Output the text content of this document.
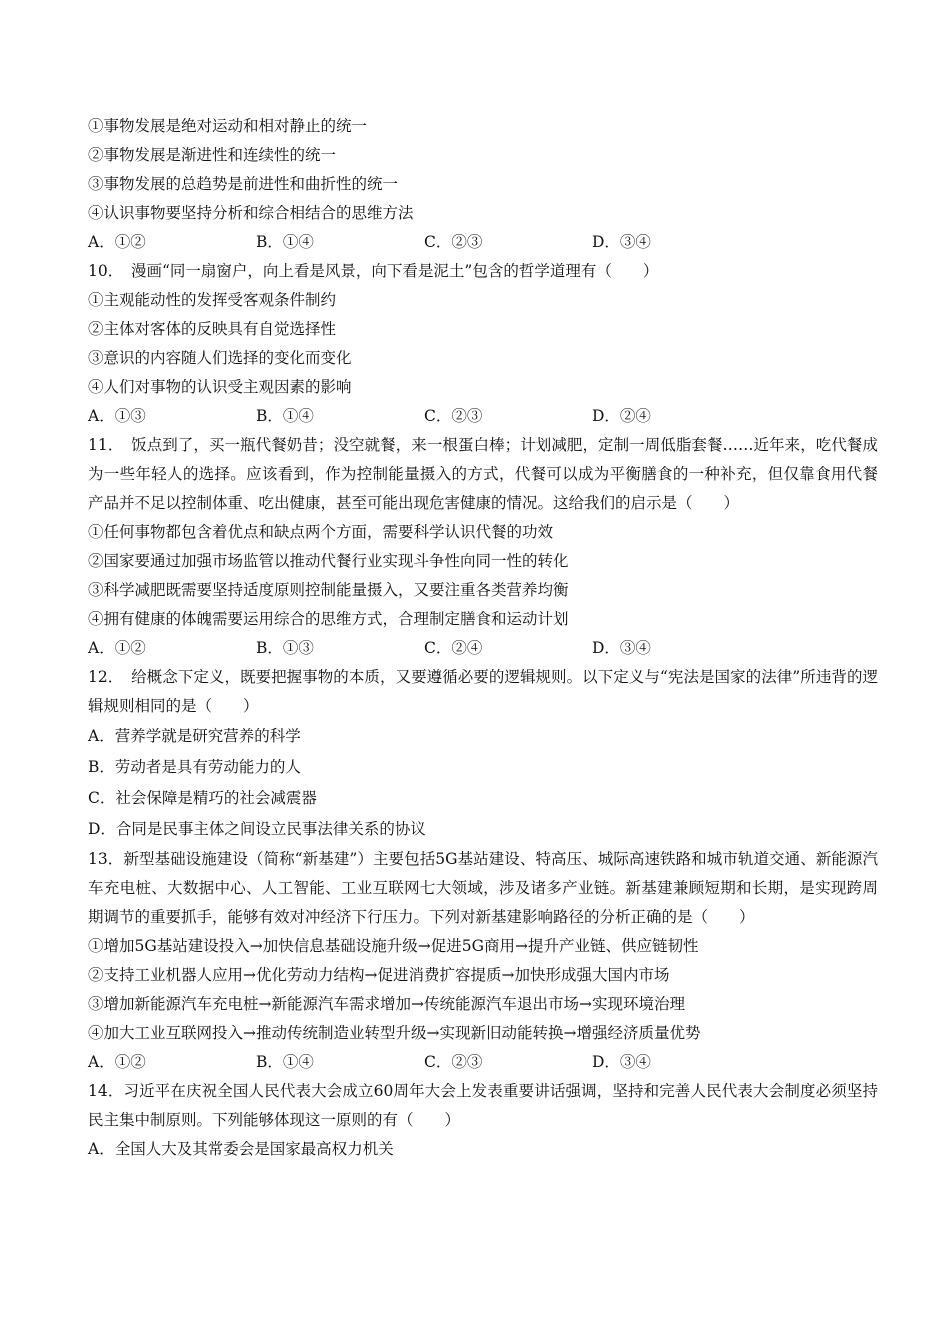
①事物发展是绝对运动和相对静止的统一
②事物发展是渐进性和连续性的统一
③事物发展的总趋势是前进性和曲折性的统一
④认识事物要坚持分析和综合相结合的思维方法
A．①②	B．①④	C．②③	D．③④
10．　漫画“同一扇窗户，向上看是风景，向下看是泥土”包含的哲学道理有（　　）
①主观能动性的发挥受客观条件制约
②主体对客体的反映具有自觉选择性
③意识的内容随人们选择的变化而变化
④人们对事物的认识受主观因素的影响
A．①③	B．①④	C．②③	D．②④
11．　饭点到了，买一瓶代餐奶昔；没空就餐，来一根蛋白棒；计划减肥，定制一周低脂套餐……近年来，吃代餐成为一些年轻人的选择。应该看到，作为控制能量摄入的方式，代餐可以成为平衡膳食的一种补充，但仅靠食用代餐产品并不足以控制体重、吃出健康，甚至可能出现危害健康的情况。这给我们的启示是（　　）
①任何事物都包含着优点和缺点两个方面，需要科学认识代餐的功效
②国家要通过加强市场监管以推动代餐行业实现斗争性向同一性的转化
③科学减肥既需要坚持适度原则控制能量摄入，又要注重各类营养均衡
④拥有健康的体魄需要运用综合的思维方式，合理制定膳食和运动计划
A．①②	B．①③	C．②④	D．③④
12．　给概念下定义，既要把握事物的本质，又要遵循必要的逻辑规则。以下定义与“宪法是国家的法律”所违背的逻辑规则相同的是（　　）
A．营养学就是研究营养的科学
B．劳动者是具有劳动能力的人
C．社会保障是精巧的社会减震器
D．合同是民事主体之间设立民事法律关系的协议
13．新型基础设施建设（简称“新基建”）主要包括5G基站建设、特高压、城际高速铁路和城市轨道交通、新能源汽车充电桩、大数据中心、人工智能、工业互联网七大领域，涉及诸多产业链。新基建兼顾短期和长期，是实现跨周期调节的重要抓手，能够有效对冲经济下行压力。下列对新基建影响路径的分析正确的是（　　）
①增加5G基站建设投入→加快信息基础设施升级→促进5G商用→提升产业链、供应链韧性
②支持工业机器人应用→优化劳动力结构→促进消费扩容提质→加快形成强大国内市场
③增加新能源汽车充电桩→新能源汽车需求增加→传统能源汽车退出市场→实现环境治理
④加大工业互联网投入→推动传统制造业转型升级→实现新旧动能转换→增强经济质量优势
A．①②	B．①④	C．②③	D．③④
14．习近平在庆祝全国人民代表大会成立60周年大会上发表重要讲话强调，坚持和完善人民代表大会制度必须坚持民主集中制原则。下列能够体现这一原则的有（　　）
A．全国人大及其常委会是国家最高权力机关
